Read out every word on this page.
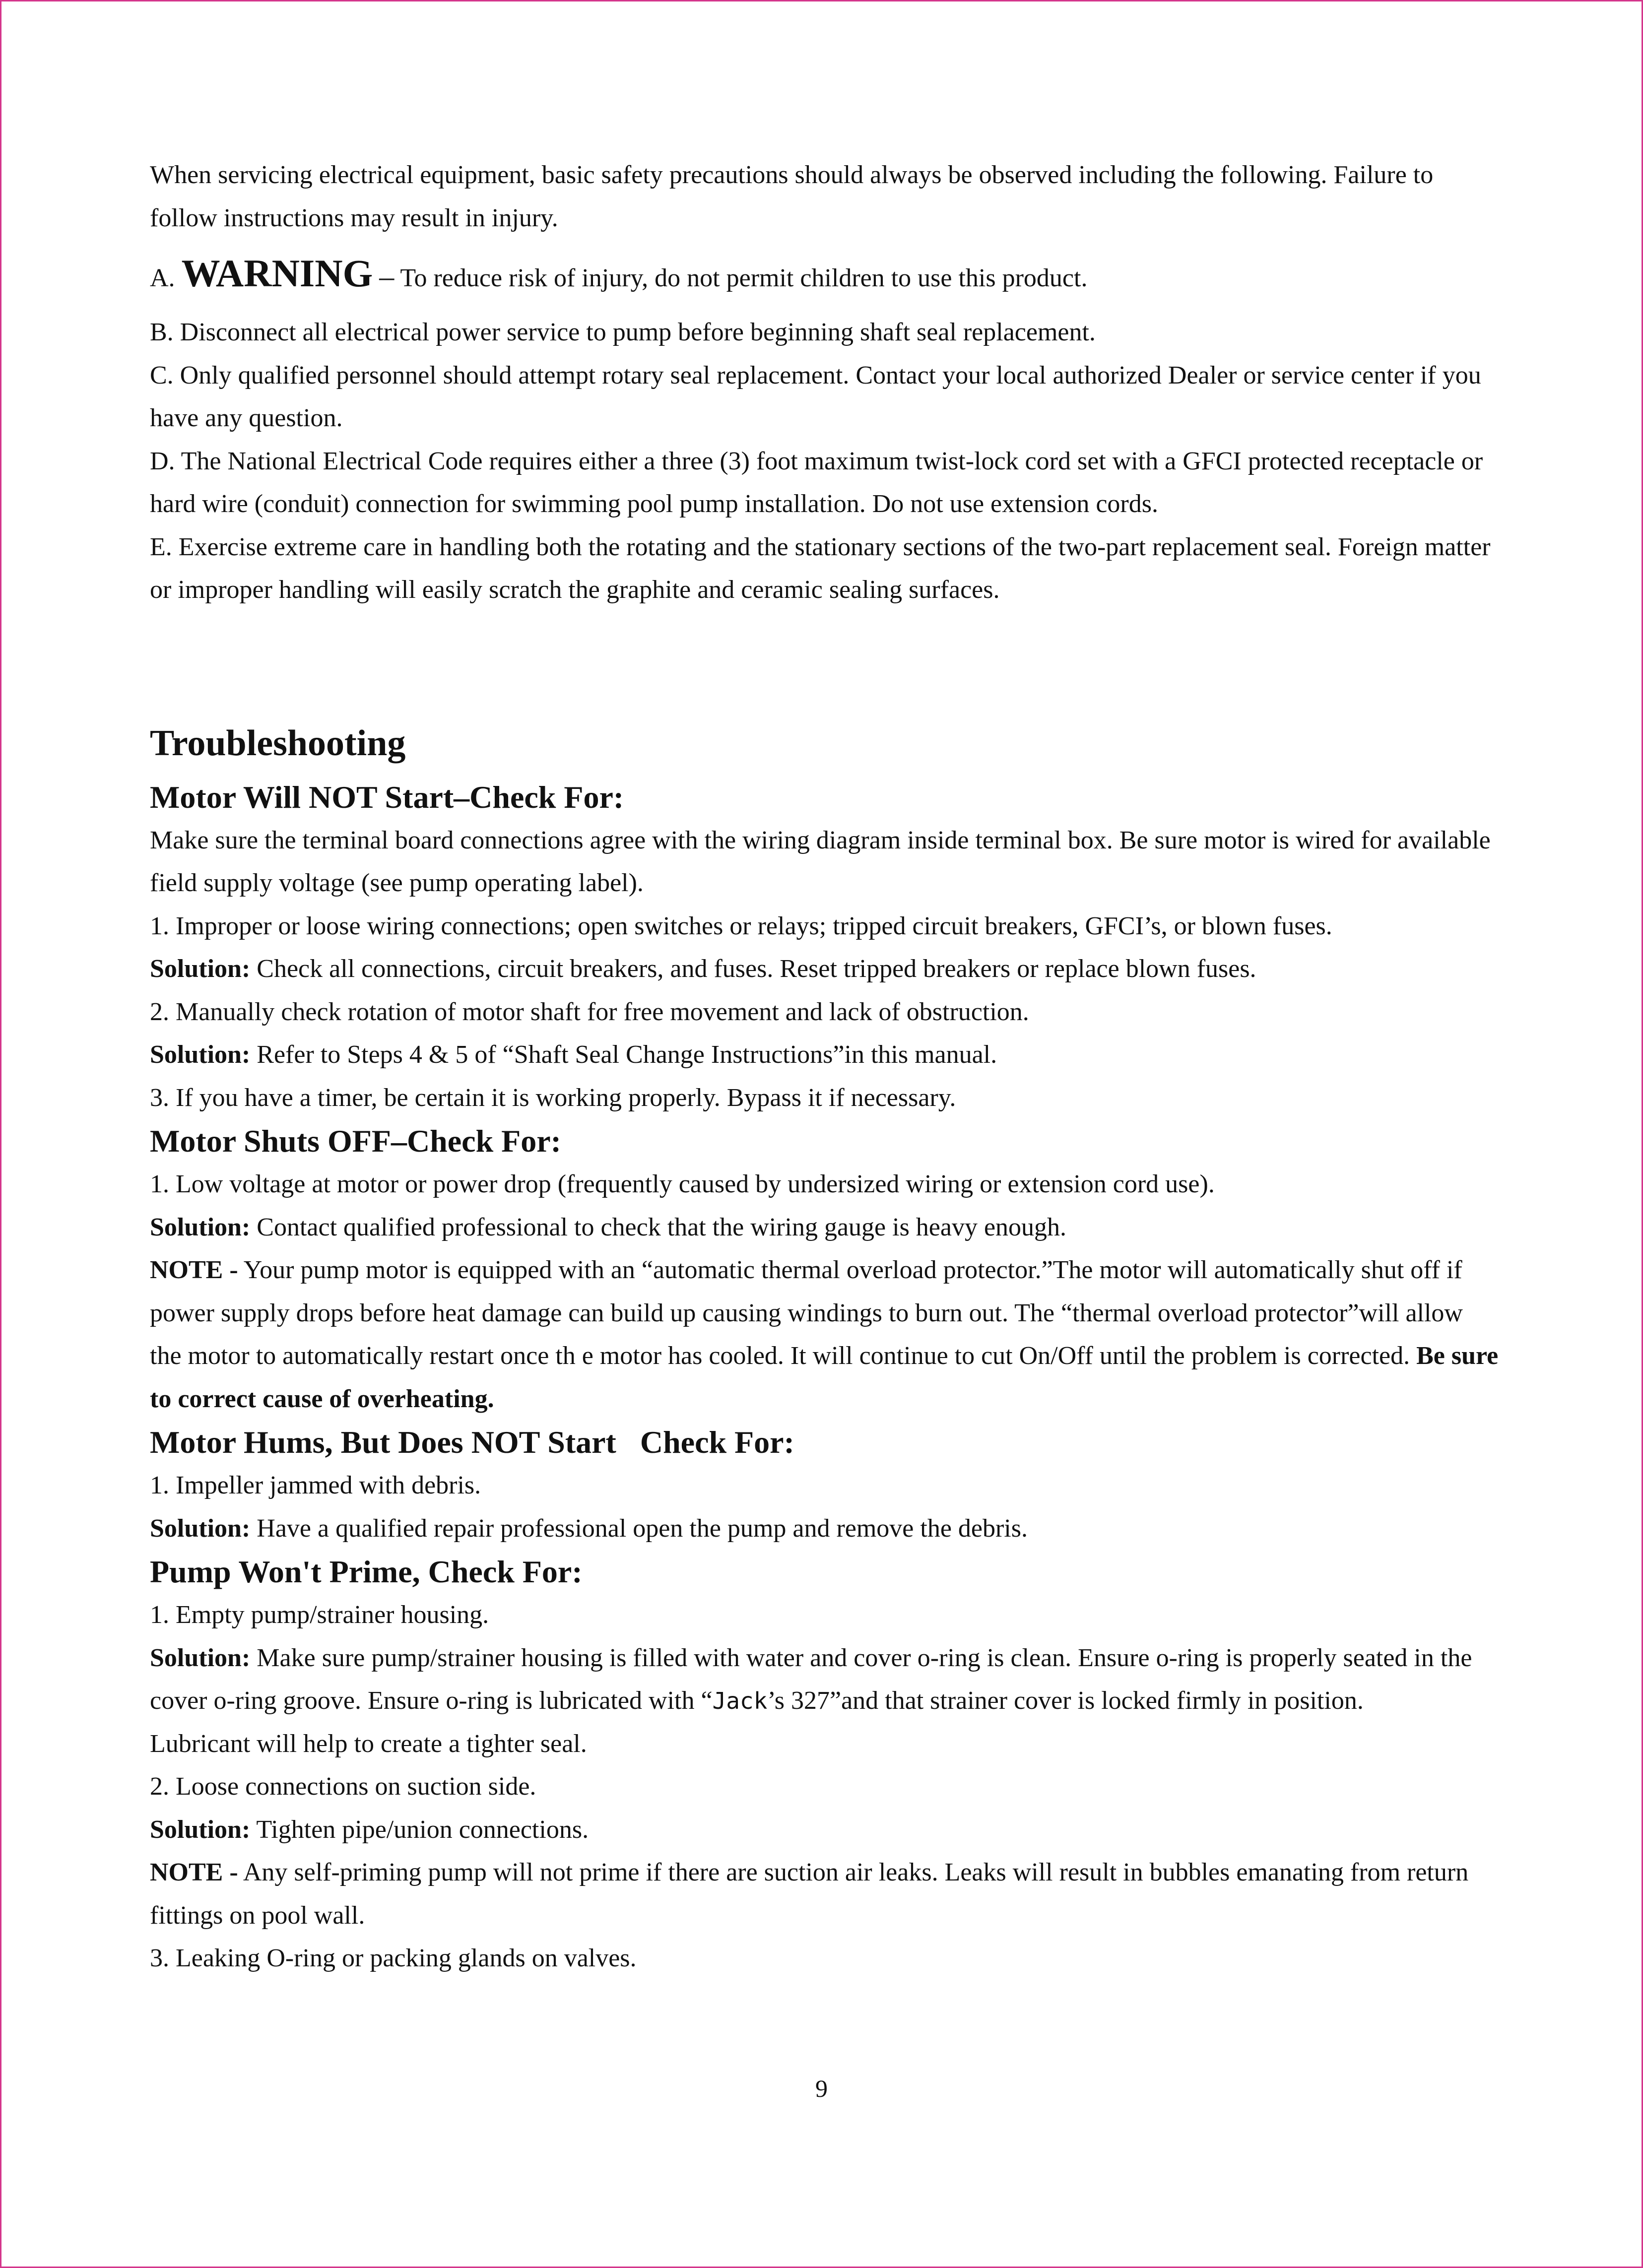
When servicing electrical equipment, basic safety precautions should always be observed including the following. Failure to follow instructions may result in injury.

A. WARNING – To reduce risk of injury, do not permit children to use this product.

B. Disconnect all electrical power service to pump before beginning shaft seal replacement.

C. Only qualified personnel should attempt rotary seal replacement. Contact your local authorized Dealer or service center if you have any question.

D. The National Electrical Code requires either a three (3) foot maximum twist-lock cord set with a GFCI protected receptacle or hard wire (conduit) connection for swimming pool pump installation. Do not use extension cords.

E. Exercise extreme care in handling both the rotating and the stationary sections of the two-part replacement seal. Foreign matter or improper handling will easily scratch the graphite and ceramic sealing surfaces.

Troubleshooting
Motor Will NOT Start–Check For:

Make sure the terminal board connections agree with the wiring diagram inside terminal box. Be sure motor is wired for available field supply voltage (see pump operating label).

1. Improper or loose wiring connections; open switches or relays; tripped circuit breakers, GFCI’s, or blown fuses.

Solution: Check all connections, circuit breakers, and fuses. Reset tripped breakers or replace blown fuses.

2. Manually check rotation of motor shaft for free movement and lack of obstruction.

Solution: Refer to Steps 4 & 5 of “Shaft Seal Change Instructions”in this manual.

3. If you have a timer, be certain it is working properly. Bypass it if necessary.

Motor Shuts OFF–Check For:

1. Low voltage at motor or power drop (frequently caused by undersized wiring or extension cord use).

Solution: Contact qualified professional to check that the wiring gauge is heavy enough.

NOTE - Your pump motor is equipped with an “automatic thermal overload protector.”The motor will automatically shut off if power supply drops before heat damage can build up causing windings to burn out. The “thermal overload protector”will allow the motor to automatically restart once th e motor has cooled. It will continue to cut On/Off until the problem is corrected. Be sure to correct cause of overheating.

Motor Hums, But Does NOT Start   Check For:

1. Impeller jammed with debris.

Solution: Have a qualified repair professional open the pump and remove the debris.

Pump Won't Prime, Check For:

1. Empty pump/strainer housing.

Solution: Make sure pump/strainer housing is filled with water and cover o-ring is clean. Ensure o-ring is properly seated in the cover o-ring groove. Ensure o-ring is lubricated with “Jack’s 327”and that strainer cover is locked firmly in position.

Lubricant will help to create a tighter seal.

2. Loose connections on suction side.

Solution: Tighten pipe/union connections.

NOTE - Any self-priming pump will not prime if there are suction air leaks. Leaks will result in bubbles emanating from return fittings on pool wall.

3. Leaking O-ring or packing glands on valves.

9
